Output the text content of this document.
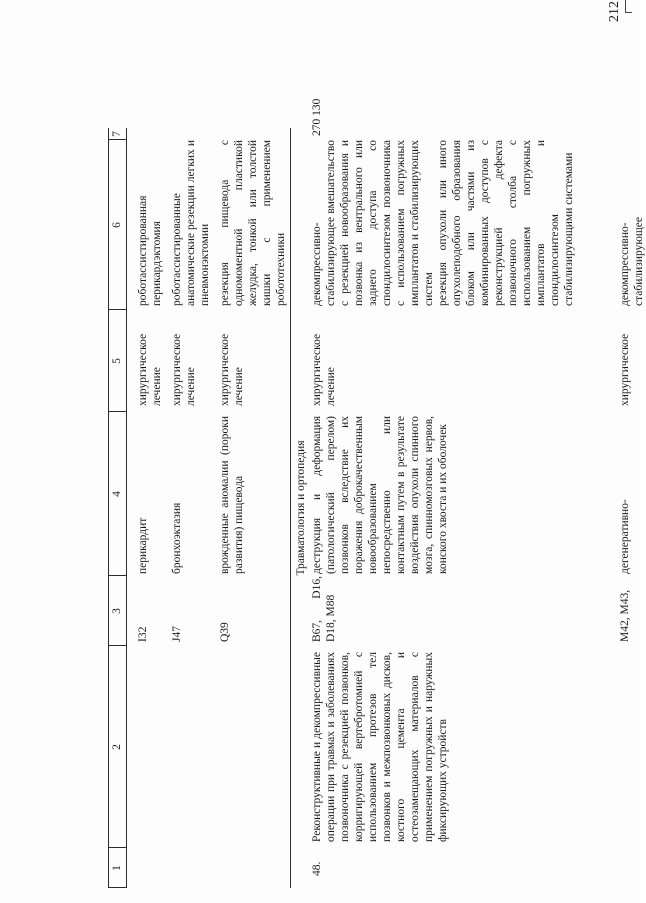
212
1
2
3
4
5
6
7
I32
перикардит
хирургическое лечение
роботассистированная перикардэктомия
J47
бронхоэктазия
хирургическое лечение
роботассистированные анатомические резекции легких и пневмонэктомии
Q39
врожденные аномалии (пороки развития) пищевода
хирургическое лечение
резекция пищевода с одномоментной пластикой желудка, тонкой или толстой кишки с применением робототехники
Травматология и ортопедия
48.
Реконструктивные и декомпрессивные операции при травмах и заболеваниях позвоночника с резекцией позвонков, корригирующей вертебротомией с использованием протезов тел позвонков и межпозвонковых дисков, костного цемента и остеозамещающих материалов с применением погружных и наружных фиксирующих устройств
B67, D16, D18, M88
деструкция и деформация (патологический перелом) позвонков вследствие их поражения доброкачественным новообразованием непосредственно или контактным путем в результате воздействия опухоли спинного мозга, спинномозговых нервов, конского хвоста и их оболочек
хирургическое лечение
декомпрессивно-стабилизирующее вмешательство с резекцией новообразования и позвонка из вентрального или заднего доступа со спондилосинтезом позвоночника с использованием погружных имплантатов и стабилизирующих систем резекция опухоли или иного опухолеподобного образования блоком или частями из комбинированных доступов с реконструкцией дефекта позвоночного столба с использованием погружных имплантатов и спондилосинтезом стабилизирующими системами
270 130
M42, M43,
дегенеративно-
хирургическое
декомпрессивно-стабилизирующее
